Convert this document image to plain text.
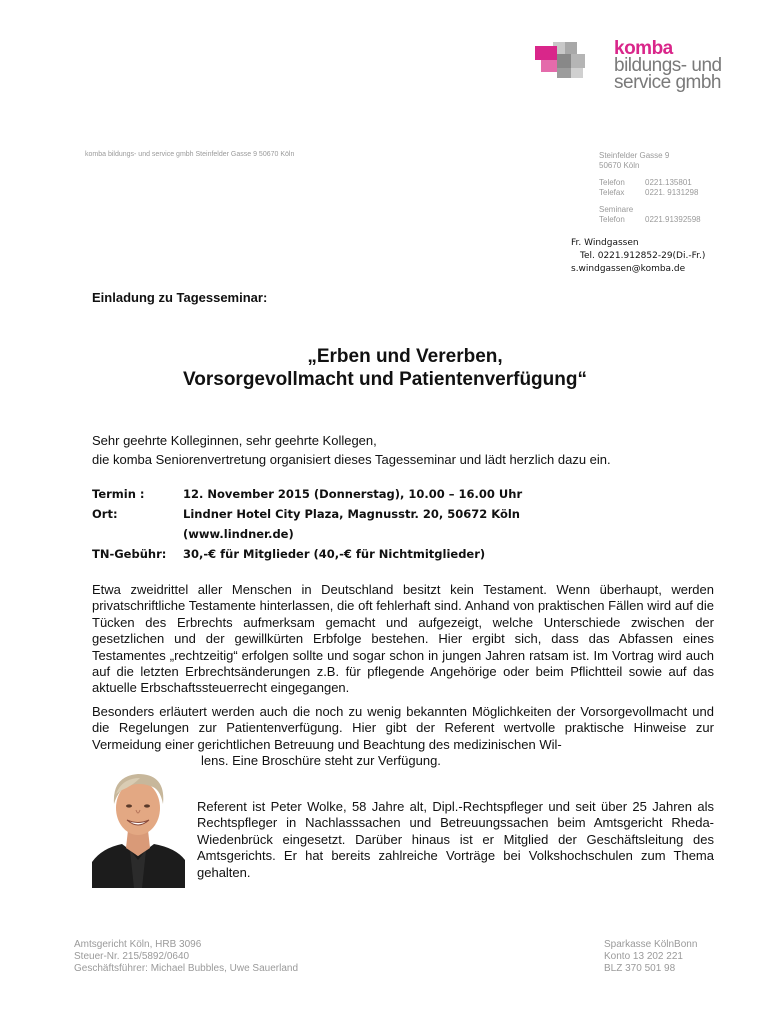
komba
bildungs- und
service gmbh
komba bildungs- und service gmbh Steinfelder Gasse 9 50670 Köln	Steinfelder Gasse 9
50670 Köln
Telefon	0221.135801
Telefax	0221. 9131298
Seminare
Telefon	0221.91392598
Fr. Windgassen
Tel. 0221.912852-29(Di.-Fr.)
s.windgassen@komba.de
Einladung zu Tagesseminar:
„Erben und Vererben,
Vorsorgevollmacht und Patientenverfügung“
Sehr geehrte Kolleginnen, sehr geehrte Kollegen,
die komba Seniorenvertretung organisiert dieses Tagesseminar und lädt herzlich dazu ein.
Termin :	12. November 2015 (Donnerstag), 10.00 – 16.00 Uhr
Ort:	Lindner Hotel City Plaza, Magnusstr. 20, 50672 Köln
(www.lindner.de)
TN-Gebühr:	30,-€ für Mitglieder (40,-€ für Nichtmitglieder)
Etwa zweidrittel aller Menschen in Deutschland besitzt kein Testament. Wenn überhaupt, werden privatschriftliche Testamente hinterlassen, die oft fehlerhaft sind. Anhand von praktischen Fällen wird auf die Tücken des Erbrechts aufmerksam gemacht und aufgezeigt, welche Unterschiede zwischen der gesetzlichen und der gewillkürten Erbfolge bestehen. Hier ergibt sich, dass das Abfassen eines Testamentes „rechtzeitig“ erfolgen sollte und sogar schon in jungen Jahren ratsam ist. Im Vortrag wird auch auf die letzten Erbrechtsänderungen z.B. für pflegende Angehörige oder beim Pflichtteil sowie auf das aktuelle Erbschaftssteuerrecht eingegangen.
Besonders erläutert werden auch die noch zu wenig bekannten Möglichkeiten der Vorsorgevollmacht und die Regelungen zur Patientenverfügung. Hier gibt der Referent wertvolle praktische Hinweise zur Vermeidung einer gerichtlichen Betreuung und Beachtung des medizinischen Wil-
lens. Eine Broschüre steht zur Verfügung.
Referent ist Peter Wolke, 58 Jahre alt, Dipl.-Rechtspfleger und seit über 25 Jahren als Rechtspfleger in Nachlasssachen und Betreuungssachen beim Amtsgericht Rheda-Wiedenbrück eingesetzt. Darüber hinaus ist er Mitglied der Geschäftsleitung des Amtsgerichts. Er hat bereits zahlreiche Vorträge bei Volkshochschulen zum Thema gehalten.
Amtsgericht Köln, HRB 3096
Steuer-Nr. 215/5892/0640
Geschäftsführer: Michael Bubbles, Uwe Sauerland
Sparkasse KölnBonn
Konto 13 202 221
BLZ 370 501 98
